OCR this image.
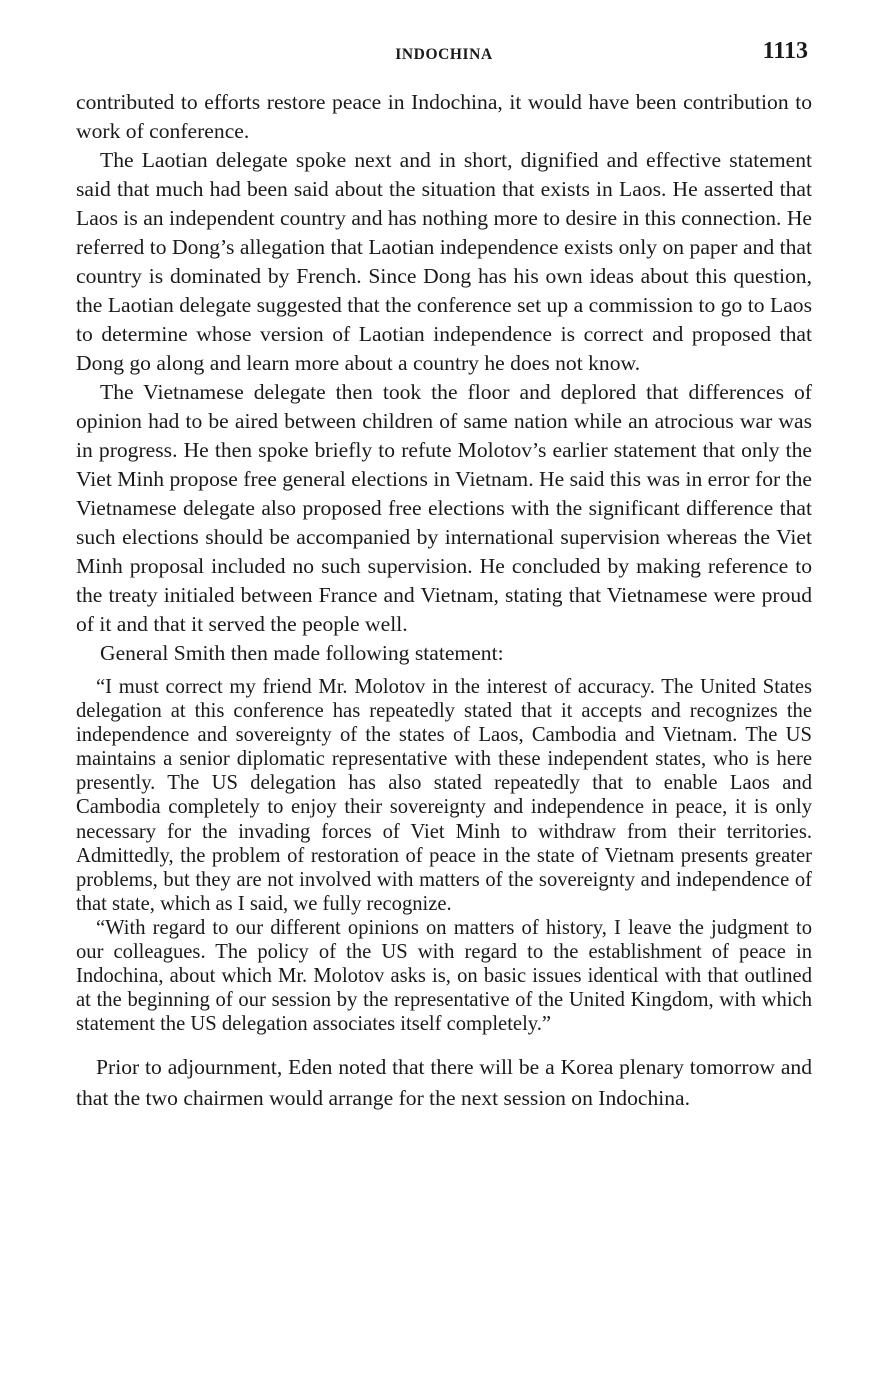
INDOCHINA	1113

contributed to efforts restore peace in Indochina, it would have been contribution to work of conference.

The Laotian delegate spoke next and in short, dignified and effective statement said that much had been said about the situation that exists in Laos. He asserted that Laos is an independent country and has nothing more to desire in this connection. He referred to Dong’s allegation that Laotian independence exists only on paper and that country is dominated by French. Since Dong has his own ideas about this question, the Laotian delegate suggested that the conference set up a commission to go to Laos to determine whose version of Laotian independence is correct and proposed that Dong go along and learn more about a country he does not know.

The Vietnamese delegate then took the floor and deplored that differences of opinion had to be aired between children of same nation while an atrocious war was in progress. He then spoke briefly to refute Molotov’s earlier statement that only the Viet Minh propose free general elections in Vietnam. He said this was in error for the Vietnamese delegate also proposed free elections with the significant difference that such elections should be accompanied by international supervision whereas the Viet Minh proposal included no such supervision. He concluded by making reference to the treaty initialed between France and Vietnam, stating that Vietnamese were proud of it and that it served the people well.

General Smith then made following statement:

“I must correct my friend Mr. Molotov in the interest of accuracy. The United States delegation at this conference has repeatedly stated that it accepts and recognizes the independence and sovereignty of the states of Laos, Cambodia and Vietnam. The US maintains a senior diplomatic representative with these independent states, who is here presently. The US delegation has also stated repeatedly that to enable Laos and Cambodia completely to enjoy their sovereignty and independence in peace, it is only necessary for the invading forces of Viet Minh to withdraw from their territories. Admittedly, the problem of restoration of peace in the state of Vietnam presents greater problems, but they are not involved with matters of the sovereignty and independence of that state, which as I said, we fully recognize.

“With regard to our different opinions on matters of history, I leave the judgment to our colleagues. The policy of the US with regard to the establishment of peace in Indochina, about which Mr. Molotov asks is, on basic issues identical with that outlined at the beginning of our session by the representative of the United Kingdom, with which statement the US delegation associates itself completely.”

Prior to adjournment, Eden noted that there will be a Korea plenary tomorrow and that the two chairmen would arrange for the next session on Indochina.
